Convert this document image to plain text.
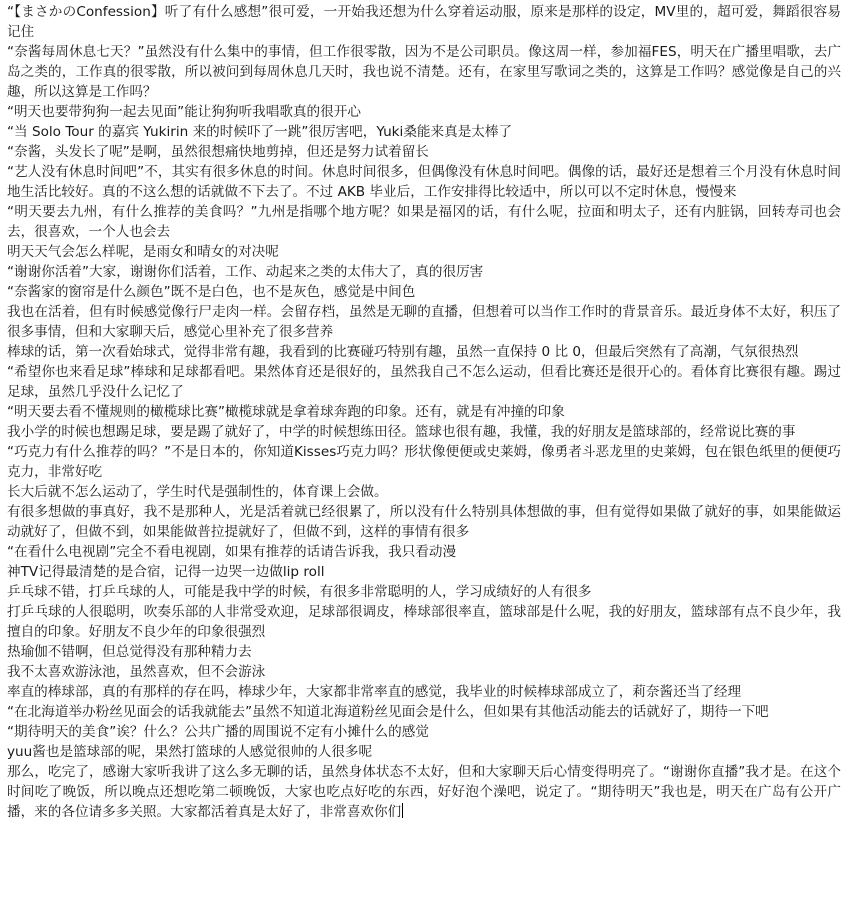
“【まさかのConfession】听了有什么感想”很可爱，一开始我还想为什么穿着运动服，原来是那样的设定，MV里的，超可爱，舞蹈很容易记住

“奈酱每周休息七天？”虽然没有什么集中的事情，但工作很零散，因为不是公司职员。像这周一样，参加福FES，明天在广播里唱歌，去广岛之类的，工作真的很零散，所以被问到每周休息几天时，我也说不清楚。还有，在家里写歌词之类的，这算是工作吗？感觉像是自己的兴趣，所以这算是工作吗？

“明天也要带狗狗一起去见面”能让狗狗听我唱歌真的很开心

“当 Solo Tour 的嘉宾 Yukirin 来的时候吓了一跳”很厉害吧，Yuki桑能来真是太棒了

“奈酱，头发长了呢”是啊，虽然很想痛快地剪掉，但还是努力试着留长

“艺人没有休息时间吧”不，其实有很多休息的时间。休息时间很多，但偶像没有休息时间吧。偶像的话，最好还是想着三个月没有休息时间地生活比较好。真的不这么想的话就做不下去了。不过 AKB 毕业后，工作安排得比较适中，所以可以不定时休息，慢慢来

“明天要去九州，有什么推荐的美食吗？”九州是指哪个地方呢？如果是福冈的话，有什么呢，拉面和明太子，还有内脏锅，回转寿司也会去，很喜欢，一个人也会去

明天天气会怎么样呢，是雨女和晴女的对决呢

“谢谢你活着”大家，谢谢你们活着，工作、动起来之类的太伟大了，真的很厉害

“奈酱家的窗帘是什么颜色”既不是白色，也不是灰色，感觉是中间色

我也在活着，但有时候感觉像行尸走肉一样。会留存档，虽然是无聊的直播，但想着可以当作工作时的背景音乐。最近身体不太好，积压了很多事情，但和大家聊天后，感觉心里补充了很多营养

棒球的话，第一次看始球式，觉得非常有趣，我看到的比赛碰巧特别有趣，虽然一直保持 0 比 0，但最后突然有了高潮，气氛很热烈

“希望你也来看足球”棒球和足球都看吧。果然体育还是很好的，虽然我自己不怎么运动，但看比赛还是很开心的。看体育比赛很有趣。踢过足球，虽然几乎没什么记忆了

“明天要去看不懂规则的橄榄球比赛”橄榄球就是拿着球奔跑的印象。还有，就是有冲撞的印象

我小学的时候也想踢足球，要是踢了就好了，中学的时候想练田径。篮球也很有趣，我懂，我的好朋友是篮球部的，经常说比赛的事

“巧克力有什么推荐的吗？”不是日本的，你知道Kisses巧克力吗？形状像便便或史莱姆，像勇者斗恶龙里的史莱姆，包在银色纸里的便便巧克力，非常好吃

长大后就不怎么运动了，学生时代是强制性的，体育课上会做。

有很多想做的事真好，我不是那种人，光是活着就已经很累了，所以没有什么特别具体想做的事，但有觉得如果做了就好的事，如果能做运动就好了，但做不到，如果能做普拉提就好了，但做不到，这样的事情有很多

“在看什么电视剧”完全不看电视剧，如果有推荐的话请告诉我，我只看动漫

神TV记得最清楚的是合宿，记得一边哭一边做lip roll

乒乓球不错，打乒乓球的人，可能是我中学的时候，有很多非常聪明的人，学习成绩好的人有很多

打乒乓球的人很聪明，吹奏乐部的人非常受欢迎，足球部很调皮，棒球部很率直，篮球部是什么呢，我的好朋友，篮球部有点不良少年，我擅自的印象。好朋友不良少年的印象很强烈

热瑜伽不错啊，但总觉得没有那种精力去

我不太喜欢游泳池，虽然喜欢，但不会游泳

率直的棒球部，真的有那样的存在吗，棒球少年，大家都非常率直的感觉，我毕业的时候棒球部成立了，莉奈酱还当了经理

“在北海道举办粉丝见面会的话我就能去”虽然不知道北海道粉丝见面会是什么，但如果有其他活动能去的话就好了，期待一下吧

“期待明天的美食”诶？什么？公共广播的周围说不定有小摊什么的感觉

yuu酱也是篮球部的呢，果然打篮球的人感觉很帅的人很多呢

那么，吃完了，感谢大家听我讲了这么多无聊的话，虽然身体状态不太好，但和大家聊天后心情变得明亮了。“谢谢你直播”我才是。在这个时间吃了晚饭，所以晚点还想吃第二顿晚饭，大家也吃点好吃的东西，好好泡个澡吧，说定了。“期待明天”我也是，明天在广岛有公开广播，来的各位请多多关照。大家都活着真是太好了，非常喜欢你们
